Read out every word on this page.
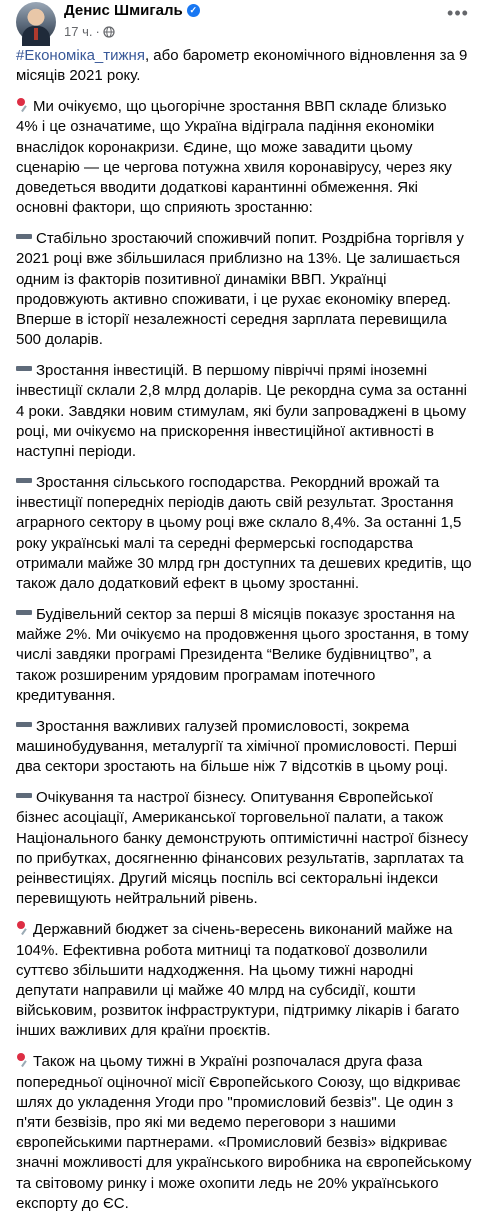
Денис Шмигаль ✓
17 ч. ·
•••

#Економіка_тижня, або барометр економічного відновлення за 9 місяців 2021 року.

Ми очікуємо, що цьогорічне зростання ВВП складе близько 4% і це означатиме, що Україна відіграла падіння економіки внаслідок коронакризи. Єдине, що може завадити цьому сценарію — це чергова потужна хвиля коронавірусу, через яку доведеться вводити додаткові карантинні обмеження. Які основні фактори, що сприяють зростанню:

Стабільно зростаючий споживчий попит. Роздрібна торгівля у 2021 році вже збільшилася приблизно на 13%. Це залишається одним із факторів позитивної динаміки ВВП. Українці продовжують активно споживати, і це рухає економіку вперед. Вперше в історії незалежності середня зарплата перевищила 500 доларів.

Зростання інвестицій. В першому півріччі прямі іноземні інвестиції склали 2,8 млрд доларів. Це рекордна сума за останні 4 роки. Завдяки новим стимулам, які були запроваджені в цьому році, ми очікуємо на прискорення інвестиційної активності в наступні періоди.

Зростання сільського господарства. Рекордний врожай та інвестиції попередніх періодів дають свій результат. Зростання аграрного сектору в цьому році вже склало 8,4%. За останні 1,5 року українські малі та середні фермерські господарства отримали майже 30 млрд грн доступних та дешевих кредитів, що також дало додатковий ефект в цьому зростанні.

Будівельний сектор за перші 8 місяців показує зростання на майже 2%. Ми очікуємо на продовження цього зростання, в тому числі завдяки програмі Президента “Велике будівництво”, а також розширеним урядовим програмам іпотечного кредитування.

Зростання важливих галузей промисловості, зокрема машинобудування, металургії та хімічної промисловості. Перші два сектори зростають на більше ніж 7 відсотків в цьому році.

Очікування та настрої бізнесу. Опитування Європейської бізнес асоціації, Американської торговельної палати, а також Національного банку демонструють оптимістичні настрої бізнесу по прибутках, досягненню фінансових результатів, зарплатах та реінвестиціях. Другий місяць поспіль всі секторальні індекси перевищують нейтральний рівень.

Державний бюджет за січень-вересень виконаний майже на 104%. Ефективна робота митниці та податкової дозволили суттєво збільшити надходження. На цьому тижні народні депутати направили ці майже 40 млрд на субсидії, кошти військовим, розвиток інфраструктури, підтримку лікарів і багато інших важливих для країни проєктів.

Також на цьому тижні в Україні розпочалася друга фаза попередньої оціночної місії Європейського Союзу, що відкриває шлях до укладення Угоди про "промисловий безвіз". Це один з п'яти безвізів, про які ми ведемо переговори з нашими європейськими партнерами. «Промисловий безвіз» відкриває значні можливості для українського виробника на європейському та світовому ринку і може охопити ледь не 20% українського експорту до ЄС.
